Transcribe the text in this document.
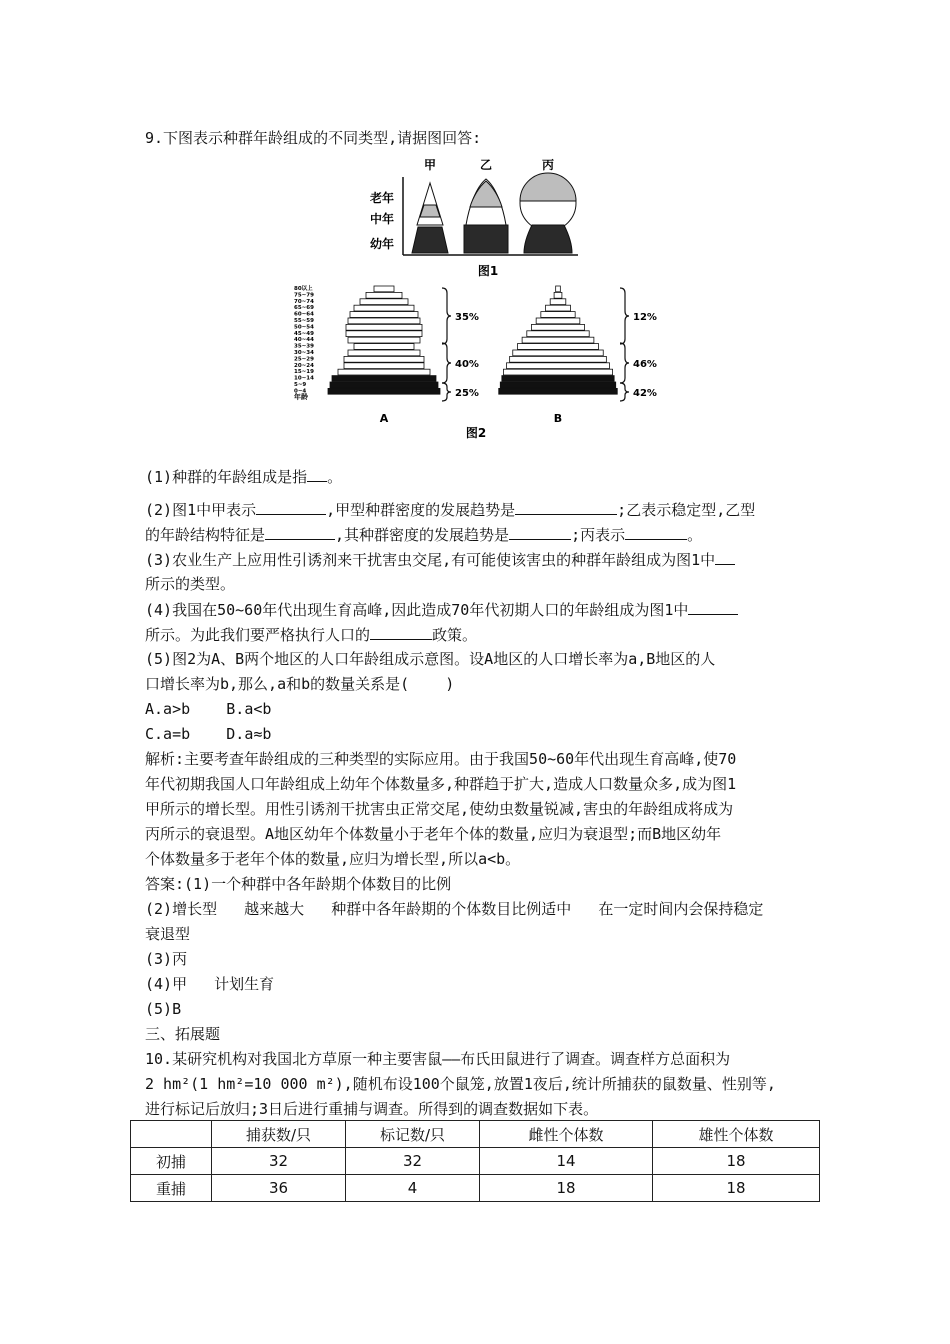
9.下图表示种群年龄组成的不同类型,请据图回答:
甲	乙	丙
老年
中年
幼年
图1
80以上
75~79
70~74
65~69
60~64
55~59
50~54
45~49
40~44
35~39
30~34
25~29
20~24
15~19
10~14
5~9
0~4
年龄
35%
40%
25%
12%
46%
42%
A	B
图2
(1)种群的年龄组成是指 。
(2)图1中甲表示	,甲型种群密度的发展趋势是	;乙表示稳定型,乙型
的年龄结构特征是	,其种群密度的发展趋势是	;丙表示	。
(3)农业生产上应用性引诱剂来干扰害虫交尾,有可能使该害虫的种群年龄组成为图1中
所示的类型。
(4)我国在50~60年代出现生育高峰,因此造成70年代初期人口的年龄组成为图1中
所示。为此我们要严格执行人口的	政策。
(5)图2为A、B两个地区的人口年龄组成示意图。设A地区的人口增长率为a,B地区的人
口增长率为b,那么,a和b的数量关系是(    )
A.a>b    B.a<b
C.a=b    D.a≈b
解析:主要考查年龄组成的三种类型的实际应用。由于我国50~60年代出现生育高峰,使70
年代初期我国人口年龄组成上幼年个体数量多,种群趋于扩大,造成人口数量众多,成为图1
甲所示的增长型。用性引诱剂干扰害虫正常交尾,使幼虫数量锐减,害虫的年龄组成将成为
丙所示的衰退型。A地区幼年个体数量小于老年个体的数量,应归为衰退型;而B地区幼年
个体数量多于老年个体的数量,应归为增长型,所以a<b。
答案:(1)一个种群中各年龄期个体数目的比例
(2)增长型   越来越大   种群中各年龄期的个体数目比例适中   在一定时间内会保持稳定
衰退型
(3)丙
(4)甲   计划生育
(5)B
三、拓展题
10.某研究机构对我国北方草原一种主要害鼠——布氏田鼠进行了调查。调查样方总面积为
2 hm²(1 hm²=10 000 m²),随机布设100个鼠笼,放置1夜后,统计所捕获的鼠数量、性别等,
进行标记后放归;3日后进行重捕与调查。所得到的调查数据如下表。
	捕获数/只	标记数/只	雌性个体数	雄性个体数
初捕	32	32	14	18
重捕	36	4	18	18
